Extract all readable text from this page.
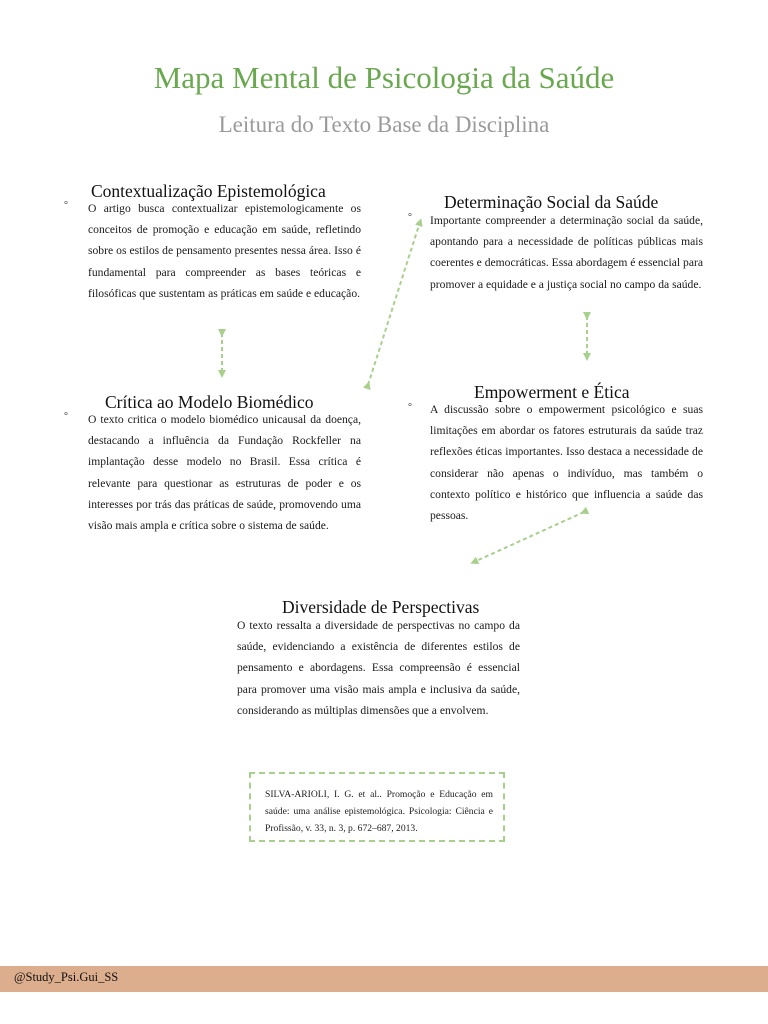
Mapa Mental de Psicologia da Saúde
Leitura do Texto Base da Disciplina
Contextualização Epistemológica
° O artigo busca contextualizar epistemologicamente os conceitos de promoção e educação em saúde, refletindo sobre os estilos de pensamento presentes nessa área. Isso é fundamental para compreender as bases teóricas e filosóficas que sustentam as práticas em saúde e educação.

Determinação Social da Saúde
° Importante compreender a determinação social da saúde, apontando para a necessidade de políticas públicas mais coerentes e democráticas. Essa abordagem é essencial para promover a equidade e a justiça social no campo da saúde.

Crítica ao Modelo Biomédico
° O texto critica o modelo biomédico unicausal da doença, destacando a influência da Fundação Rockfeller na implantação desse modelo no Brasil. Essa crítica é relevante para questionar as estruturas de poder e os interesses por trás das práticas de saúde, promovendo uma visão mais ampla e crítica sobre o sistema de saúde.

Empowerment e Ética
° A discussão sobre o empowerment psicológico e suas limitações em abordar os fatores estruturais da saúde traz reflexões éticas importantes. Isso destaca a necessidade de considerar não apenas o indivíduo, mas também o contexto político e histórico que influencia a saúde das pessoas.

Diversidade de Perspectivas

O texto ressalta a diversidade de perspectivas no campo da saúde, evidenciando a existência de diferentes estilos de pensamento e abordagens. Essa compreensão é essencial para promover uma visão mais ampla e inclusiva da saúde, considerando as múltiplas dimensões que a envolvem.

SILVA-ARIOLI, I. G. et al.. Promoção e Educação em saúde: uma análise epistemológica. Psicologia: Ciência e Profissão, v. 33, n. 3, p. 672–687, 2013.

@Study_Psi.Gui_SS
